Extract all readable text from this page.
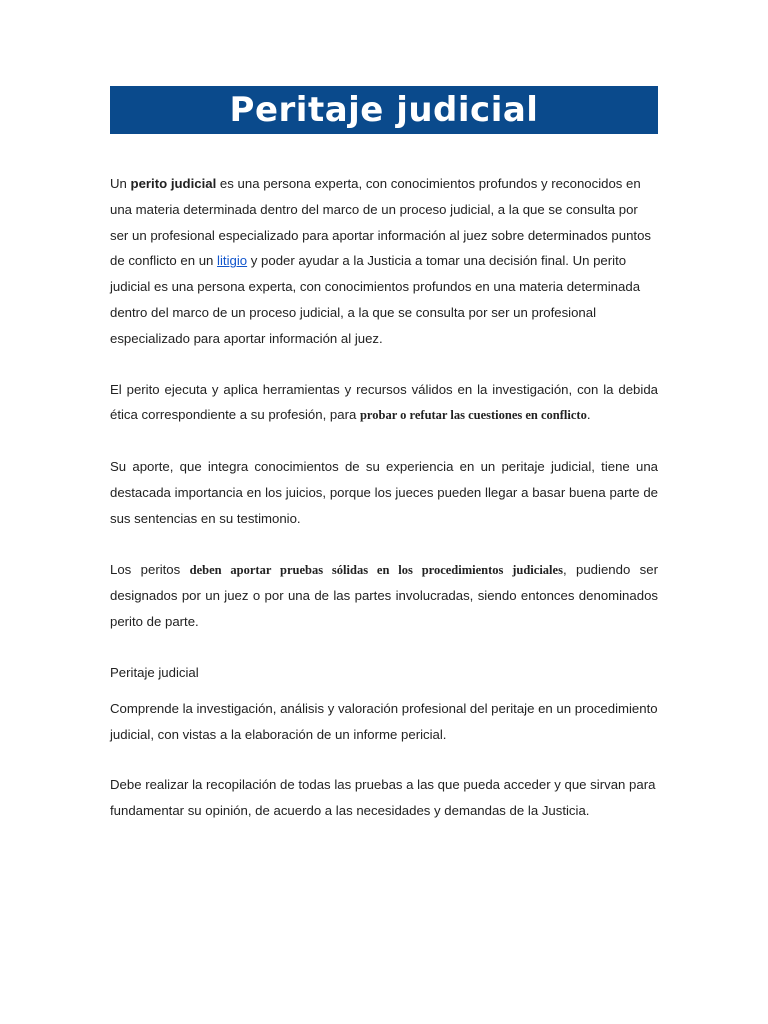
Peritaje judicial

Un perito judicial es una persona experta, con conocimientos profundos y reconocidos en una materia determinada dentro del marco de un proceso judicial, a la que se consulta por ser un profesional especializado para aportar información al juez sobre determinados puntos de conflicto en un litigio y poder ayudar a la Justicia a tomar una decisión final. Un perito judicial es una persona experta, con conocimientos profundos en una materia determinada dentro del marco de un proceso judicial, a la que se consulta por ser un profesional especializado para aportar información al juez.

El perito ejecuta y aplica herramientas y recursos válidos en la investigación, con la debida ética correspondiente a su profesión, para probar o refutar las cuestiones en conflicto.

Su aporte, que integra conocimientos de su experiencia en un peritaje judicial, tiene una destacada importancia en los juicios, porque los jueces pueden llegar a basar buena parte de sus sentencias en su testimonio.

Los peritos deben aportar pruebas sólidas en los procedimientos judiciales, pudiendo ser designados por un juez o por una de las partes involucradas, siendo entonces denominados perito de parte.

Peritaje judicial

Comprende la investigación, análisis y valoración profesional del peritaje en un procedimiento judicial, con vistas a la elaboración de un informe pericial.

Debe realizar la recopilación de todas las pruebas a las que pueda acceder y que sirvan para fundamentar su opinión, de acuerdo a las necesidades y demandas de la Justicia.
